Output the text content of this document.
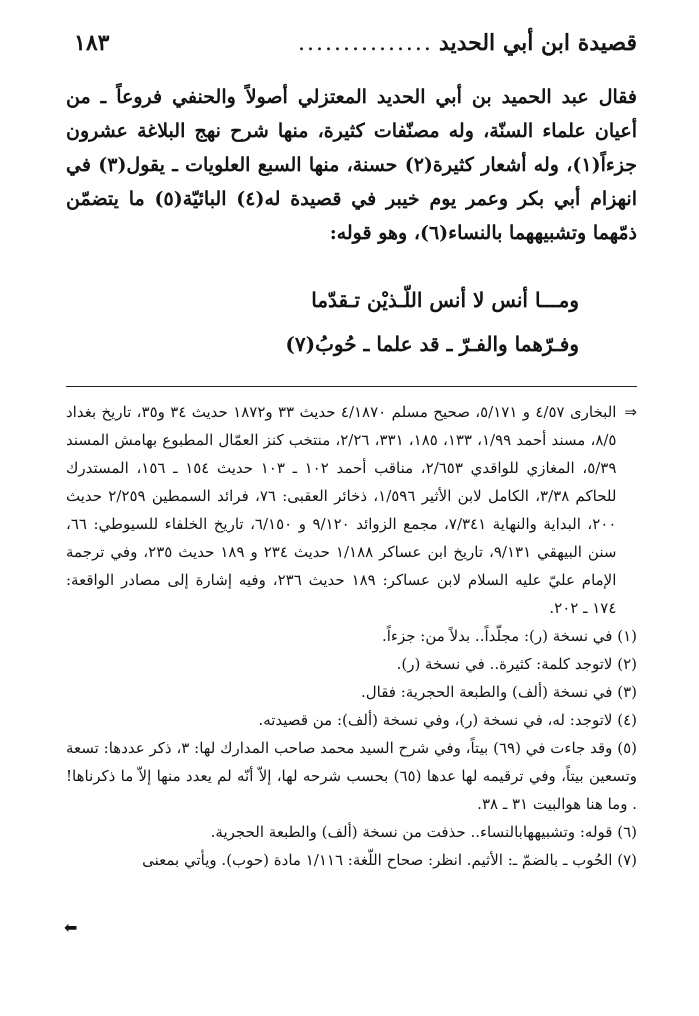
قصيدة ابن أبي الحديد
...............
١٨٣

فقال عبد الحميد بن أبي الحديد المعتزلي أصولاً والحنفي فروعاً ـ من أعيان علماء السنّة، وله مصنّفات كثيرة، منها شرح نهج البلاغة عشرون جزءاً(١)، وله أشعار كثيرة(٢) حسنة، منها السبع العلويات ـ يقول(٣) في انهزام أبي بكر وعمر يوم خيبر في قصيدة له(٤) البائيّة(٥) ما يتضمّن ذمّهما وتشبيههما بالنساء(٦)، وهو قوله:

ومـــا أنس لا أنس اللّـذيْن تـقدّما
وفـرّهما والفـرّ ـ قد علما ـ حُوبُ(٧)

⇒
البخارى ٤/٥٧ و ٥/١٧١، صحيح مسلم ٤/١٨٧٠ حديث ٣٣ و١٨٧٢ حديث ٣٤ و٣٥، تاريخ بغداد ٨/٥، مسند أحمد ١/٩٩، ١٣٣، ١٨٥، ٣٣١، ٢/٢٦، منتخب كنز العمّال المطبوع بهامش المسند ٥/٣٩، المغازي للواقدي ٢/٦٥٣، مناقب أحمد ١٠٢ ـ ١٠٣ حديث ١٥٤ ـ ١٥٦، المستدرك للحاكم ٣/٣٨، الكامل لابن الأثير ١/٥٩٦، ذخائر العقبى: ٧٦، فرائد السمطين ٢/٢٥٩ حديث ٢٠٠، البداية والنهاية ٧/٣٤١، مجمع الزوائد ٩/١٢٠ و ٦/١٥٠، تاريخ الخلفاء للسيوطي: ٦٦، سنن البيهقي ٩/١٣١، تاريخ ابن عساكر ١/١٨٨ حديث ٢٣٤ و ١٨٩ حديث ٢٣٥، وفي ترجمة الإمام عليّ عليه السلام لابن عساكر: ١٨٩ حديث ٢٣٦، وفيه إشارة إلى مصادر الواقعة: ١٧٤ ـ ٢٠٢.

(١) في نسخة (ر): مجلّداً.. بدلاً من: جزءاً.

(٢) لاتوجد كلمة: كثيرة.. في نسخة (ر).

(٣) في نسخة (ألف) والطبعة الحجرية: فقال.

(٤) لاتوجد: له، في نسخة (ر)، وفي نسخة (ألف): من قصيدته.

(٥) وقد جاءت في (٦٩) بيتاً، وفي شرح السيد محمد صاحب المدارك لها: ٣، ذكر عددها: تسعة وتسعين بيتاً، وفي ترقيمه لها عدها (٦٥) بحسب شرحه لها، إلاّ أنّه لم يعدد منها إلاّ ما ذكرناها! . وما هنا هوالبيت ٣١ ـ ٣٨.

(٦) قوله: وتشبيههابالنساء.. حذفت من نسخة (ألف) والطبعة الحجرية.

(٧) الحُوب ـ بالضمّ ـ: الأثيم. انظر: صحاح اللّغة: ١/١١٦ مادة (حوب). ويأتي بمعنى

⬅
